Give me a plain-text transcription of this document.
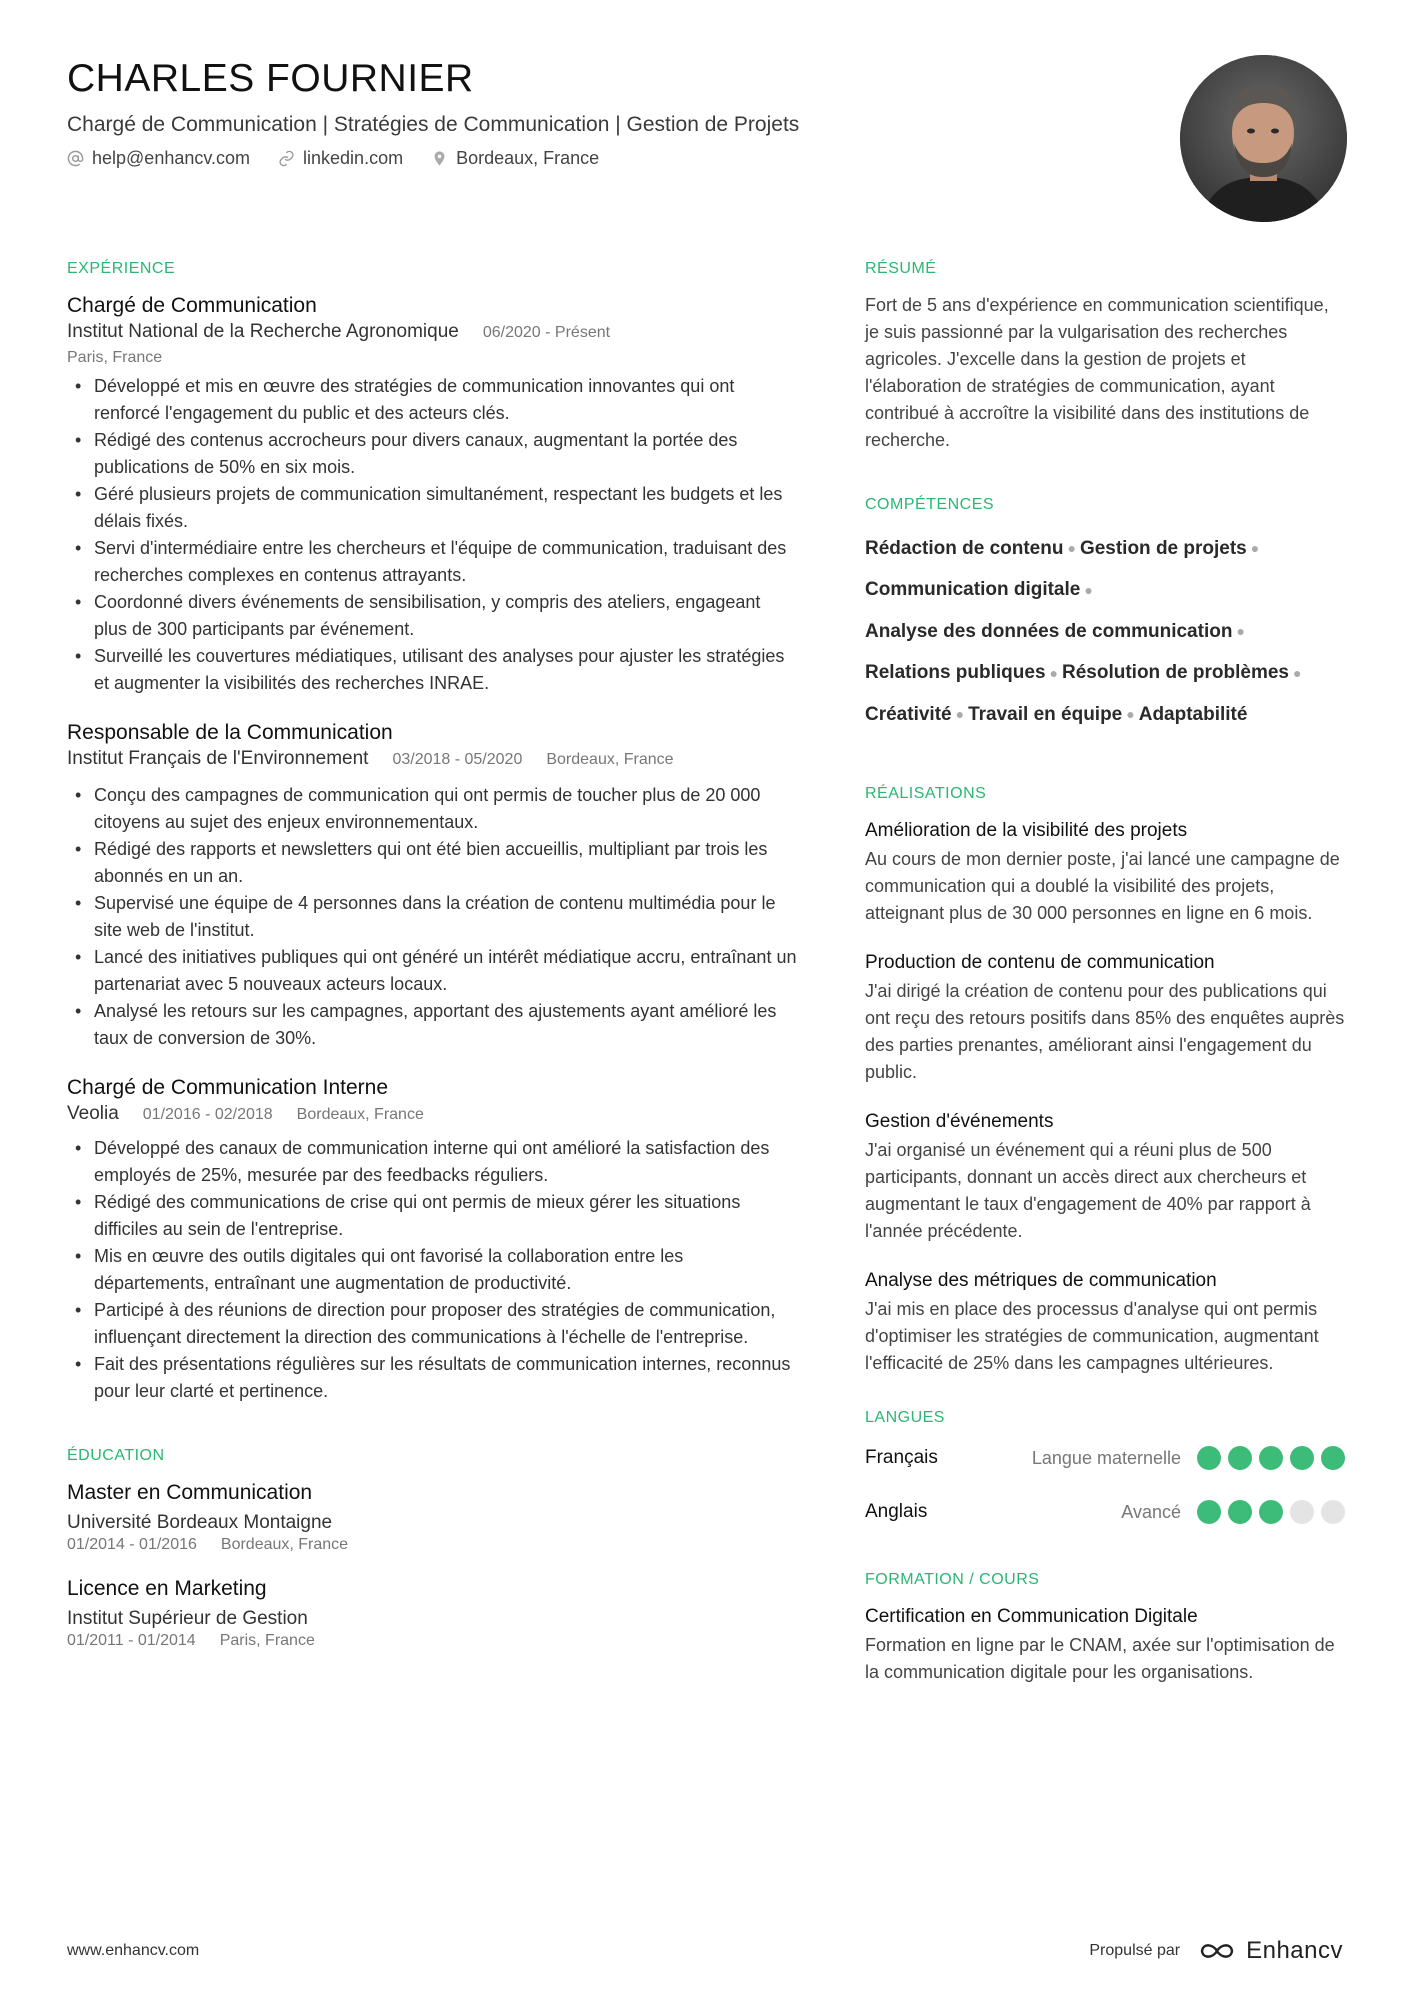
CHARLES FOURNIER
Chargé de Communication | Stratégies de Communication | Gestion de Projets
help@enhancv.com	linkedin.com	Bordeaux, France
EXPÉRIENCE
Chargé de Communication
Institut National de la Recherche Agronomique 06/2020 - Présent
Paris, France
• Développé et mis en œuvre des stratégies de communication innovantes qui ont renforcé l'engagement du public et des acteurs clés.
• Rédigé des contenus accrocheurs pour divers canaux, augmentant la portée des publications de 50% en six mois.
• Géré plusieurs projets de communication simultanément, respectant les budgets et les délais fixés.
• Servi d'intermédiaire entre les chercheurs et l'équipe de communication, traduisant des recherches complexes en contenus attrayants.
• Coordonné divers événements de sensibilisation, y compris des ateliers, engageant plus de 300 participants par événement.
• Surveillé les couvertures médiatiques, utilisant des analyses pour ajuster les stratégies et augmenter la visibilités des recherches INRAE.
Responsable de la Communication
Institut Français de l'Environnement 03/2018 - 05/2020 Bordeaux, France
• Conçu des campagnes de communication qui ont permis de toucher plus de 20 000 citoyens au sujet des enjeux environnementaux.
• Rédigé des rapports et newsletters qui ont été bien accueillis, multipliant par trois les abonnés en un an.
• Supervisé une équipe de 4 personnes dans la création de contenu multimédia pour le site web de l'institut.
• Lancé des initiatives publiques qui ont généré un intérêt médiatique accru, entraînant un partenariat avec 5 nouveaux acteurs locaux.
• Analysé les retours sur les campagnes, apportant des ajustements ayant amélioré les taux de conversion de 30%.
Chargé de Communication Interne
Veolia 01/2016 - 02/2018 Bordeaux, France
• Développé des canaux de communication interne qui ont amélioré la satisfaction des employés de 25%, mesurée par des feedbacks réguliers.
• Rédigé des communications de crise qui ont permis de mieux gérer les situations difficiles au sein de l'entreprise.
• Mis en œuvre des outils digitales qui ont favorisé la collaboration entre les départements, entraînant une augmentation de productivité.
• Participé à des réunions de direction pour proposer des stratégies de communication, influençant directement la direction des communications à l'échelle de l'entreprise.
• Fait des présentations régulières sur les résultats de communication internes, reconnus pour leur clarté et pertinence.
ÉDUCATION
Master en Communication
Université Bordeaux Montaigne
01/2014 - 01/2016 Bordeaux, France
Licence en Marketing
Institut Supérieur de Gestion
01/2011 - 01/2014 Paris, France
RÉSUMÉ
Fort de 5 ans d'expérience en communication scientifique, je suis passionné par la vulgarisation des recherches agricoles. J'excelle dans la gestion de projets et l'élaboration de stratégies de communication, ayant contribué à accroître la visibilité dans des institutions de recherche.
COMPÉTENCES
Rédaction de contenu ● Gestion de projets ●
Communication digitale ●
Analyse des données de communication ●
Relations publiques ● Résolution de problèmes ●
Créativité ● Travail en équipe ● Adaptabilité
RÉALISATIONS
Amélioration de la visibilité des projets
Au cours de mon dernier poste, j'ai lancé une campagne de communication qui a doublé la visibilité des projets, atteignant plus de 30 000 personnes en ligne en 6 mois.
Production de contenu de communication
J'ai dirigé la création de contenu pour des publications qui ont reçu des retours positifs dans 85% des enquêtes auprès des parties prenantes, améliorant ainsi l'engagement du public.
Gestion d'événements
J'ai organisé un événement qui a réuni plus de 500 participants, donnant un accès direct aux chercheurs et augmentant le taux d'engagement de 40% par rapport à l'année précédente.
Analyse des métriques de communication
J'ai mis en place des processus d'analyse qui ont permis d'optimiser les stratégies de communication, augmentant l'efficacité de 25% dans les campagnes ultérieures.
LANGUES
Français	Langue maternelle
Anglais	Avancé
FORMATION / COURS
Certification en Communication Digitale
Formation en ligne par le CNAM, axée sur l'optimisation de la communication digitale pour les organisations.
www.enhancv.com	Propulsé par	Enhancv
